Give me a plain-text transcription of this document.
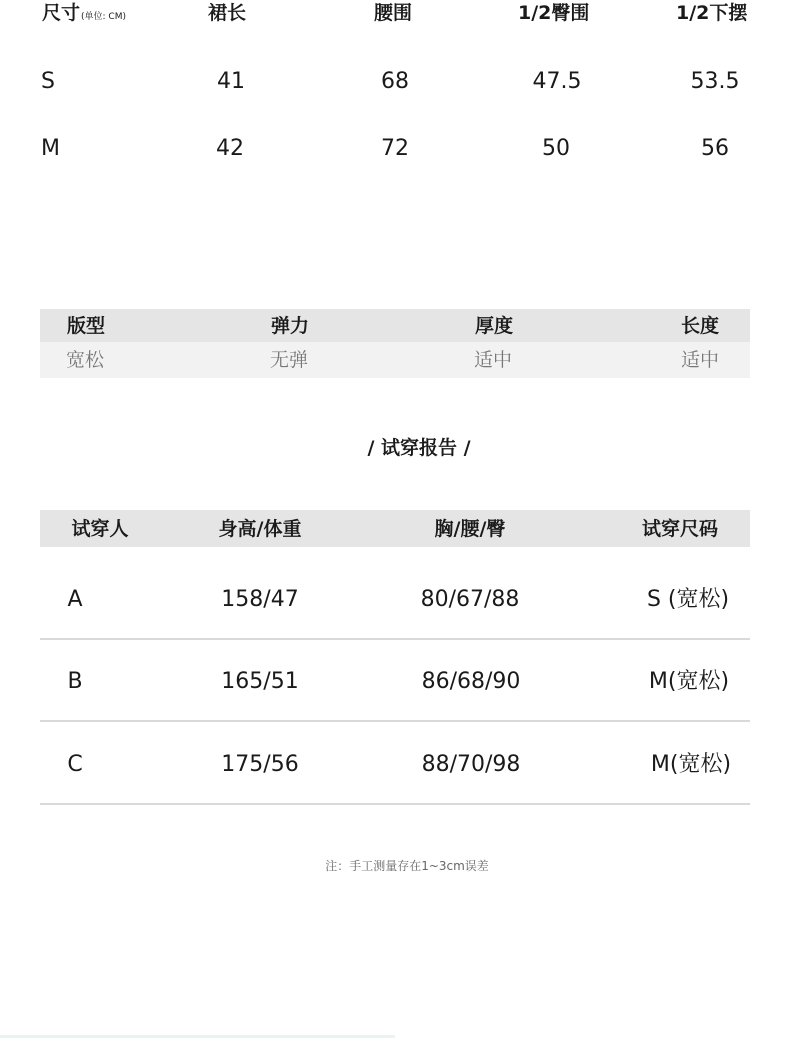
尺寸(单位: CM)	裙长	腰围	1/2臀围	1/2下摆
S	41	68	47.5	53.5
M	42	72	50	56
版型	弹力	厚度	长度
宽松	无弹	适中	适中
/ 试穿报告 /
试穿人	身高/体重	胸/腰/臀	试穿尺码
A	158/47	80/67/88	S (宽松)
B	165/51	86/68/90	M(宽松)
C	175/56	88/70/98	M(宽松)
注：手工测量存在1~3cm误差
